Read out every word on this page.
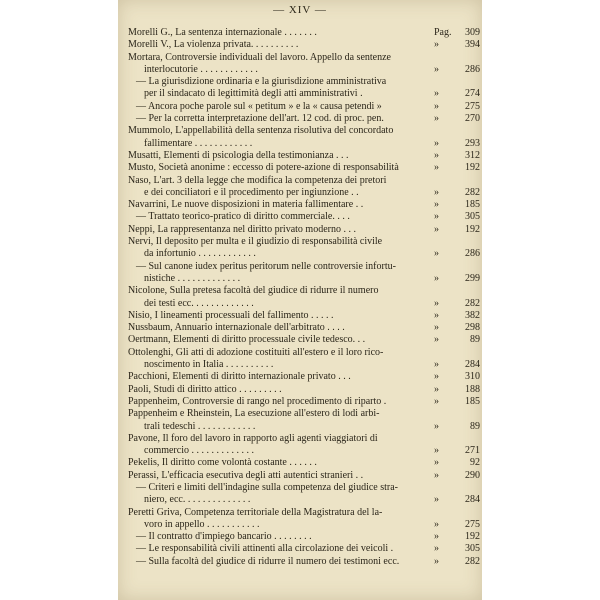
— XIV —
Morelli G., La sentenza internazionale . . . . . . .	Pag. 309
Morelli V., La violenza privata. . . . . . . . . .	»	394
Mortara, Controversie individuali del lavoro. Appello da sentenze
interlocutorie . . . . . . . . . . . .	»	286
— La giurisdizione ordinaria e la giurisdizione amministrativa
per il sindacato di legittimità degli atti amministrativi .	»	274
— Ancora poche parole sul « petitum » e la « causa petendi »	»	275
— Per la corretta interpretazione dell'art. 12 cod. di proc. pen.	»	270
Mummolo, L'appellabilità della sentenza risolutiva del concordato
fallimentare . . . . . . . . . . . .	»	293
Musatti, Elementi di psicologia della testimonianza . . .	»	312
Musto, Società anonime : eccesso di potere-azione di responsabilità	»	192
Naso, L'art. 3 della legge che modifica la competenza dei pretori
e dei conciliatori e il procedimento per ingiunzione . .	»	282
Navarrini, Le nuove disposizioni in materia fallimentare . .	»	185
— Trattato teorico-pratico di diritto commerciale. . . .	»	305
Neppi, La rappresentanza nel diritto privato moderno . . .	»	192
Nervi, Il deposito per multa e il giudizio di responsabilità civile
da infortunio . . . . . . . . . . . .	»	286
— Sul canone iudex peritus peritorum nelle controversie infortu-
nistiche . . . . . . . . . . . . .	»	299
Nicolone, Sulla pretesa facoltà del giudice di ridurre il numero
dei testi ecc. . . . . . . . . . . . .	»	282
Nisio, I lineamenti processuali del fallimento . . . . .	»	382
Nussbaum, Annuario internazionale dell'arbitrato . . . .	»	298
Oertmann, Elementi di diritto processuale civile tedesco. . .	»	89
Ottolenghi, Gli atti di adozione costituiti all'estero e il loro rico-
noscimento in Italia . . . . . . . . . .	»	284
Pacchioni, Elementi di diritto internazionale privato . . .	»	310
Paoli, Studi di diritto attico . . . . . . . . .	»	188
Pappenheim, Controversie di rango nel procedimento di riparto .	»	185
Pappenheim e Rheinstein, La esecuzione all'estero di lodi arbi-
trali tedeschi . . . . . . . . . . . .	»	89
Pavone, Il foro del lavoro in rapporto agli agenti viaggiatori di
commercio . . . . . . . . . . . . .	»	271
Pekelis, Il diritto come volontà costante . . . . . .	»	92
Perassi, L'efficacia esecutiva degli atti autentici stranieri . .	»	290
— Criteri e limiti dell'indagine sulla competenza del giudice stra-
niero, ecc. . . . . . . . . . . . . .	»	284
Peretti Griva, Competenza territoriale della Magistratura del la-
voro in appello . . . . . . . . . . .	»	275
— Il contratto d'impiego bancario . . . . . . . .	»	192
— Le responsabilità civili attinenti alla circolazione dei veicoli .	»	305
— Sulla facoltà del giudice di ridurre il numero dei testimoni ecc.	»	282
